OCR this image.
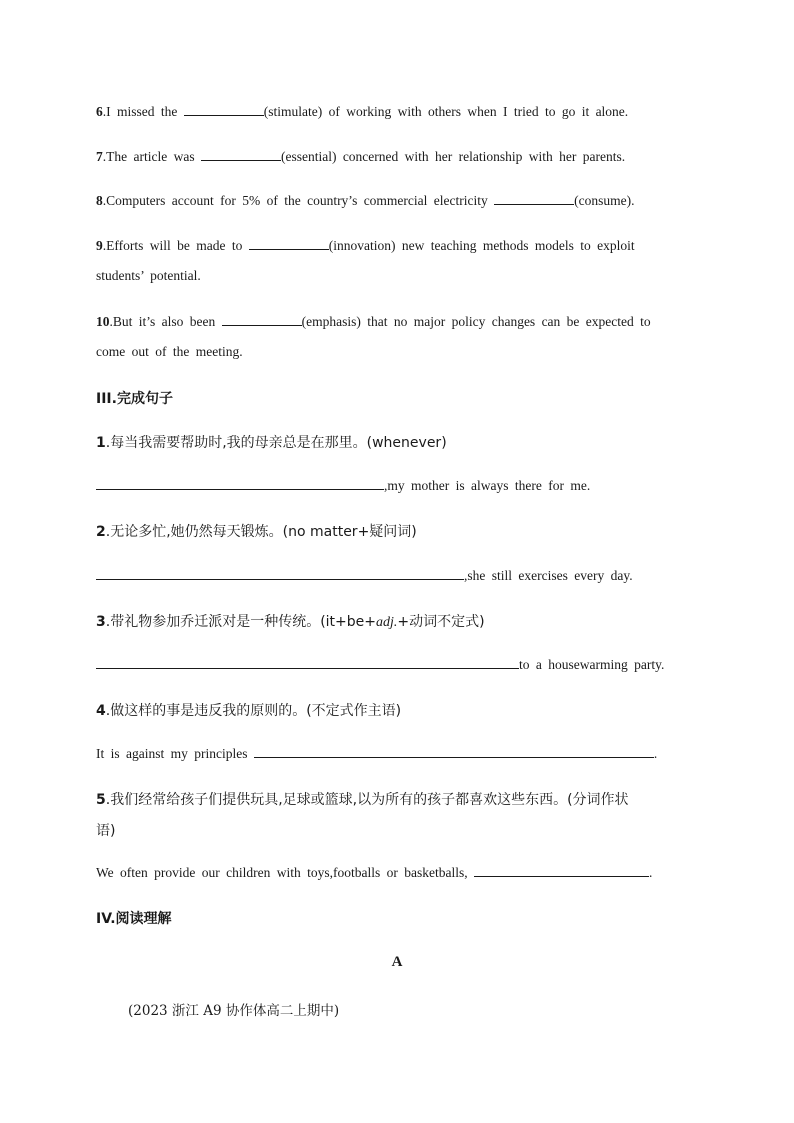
6.I missed the	(stimulate) of working with others when I tried to go it alone.
7.The article was	(essential) concerned with her relationship with her parents.
8.Computers account for 5% of the country’s commercial electricity	(consume).
9.Efforts will be made to	(innovation) new teaching methods models to exploit
students’ potential.
10.But it’s also been	(emphasis) that no major policy changes can be expected to
come out of the meeting.
III.完成句子
1.每当我需要帮助时,我的母亲总是在那里。(whenever)
,my mother is always there for me.
2.无论多忙,她仍然每天锻炼。(no matter+疑问词)
,she still exercises every day.
3.带礼物参加乔迁派对是一种传统。(it+be+adj.+动词不定式)
to a housewarming party.
4.做这样的事是违反我的原则的。(不定式作主语)
It is against my principles	.
5.我们经常给孩子们提供玩具,足球或篮球,以为所有的孩子都喜欢这些东西。(分词作状
语)
We often provide our children with toys,footballs or basketballs,	.
IV.阅读理解
A
(2023 浙江 A9 协作体高二上期中)
